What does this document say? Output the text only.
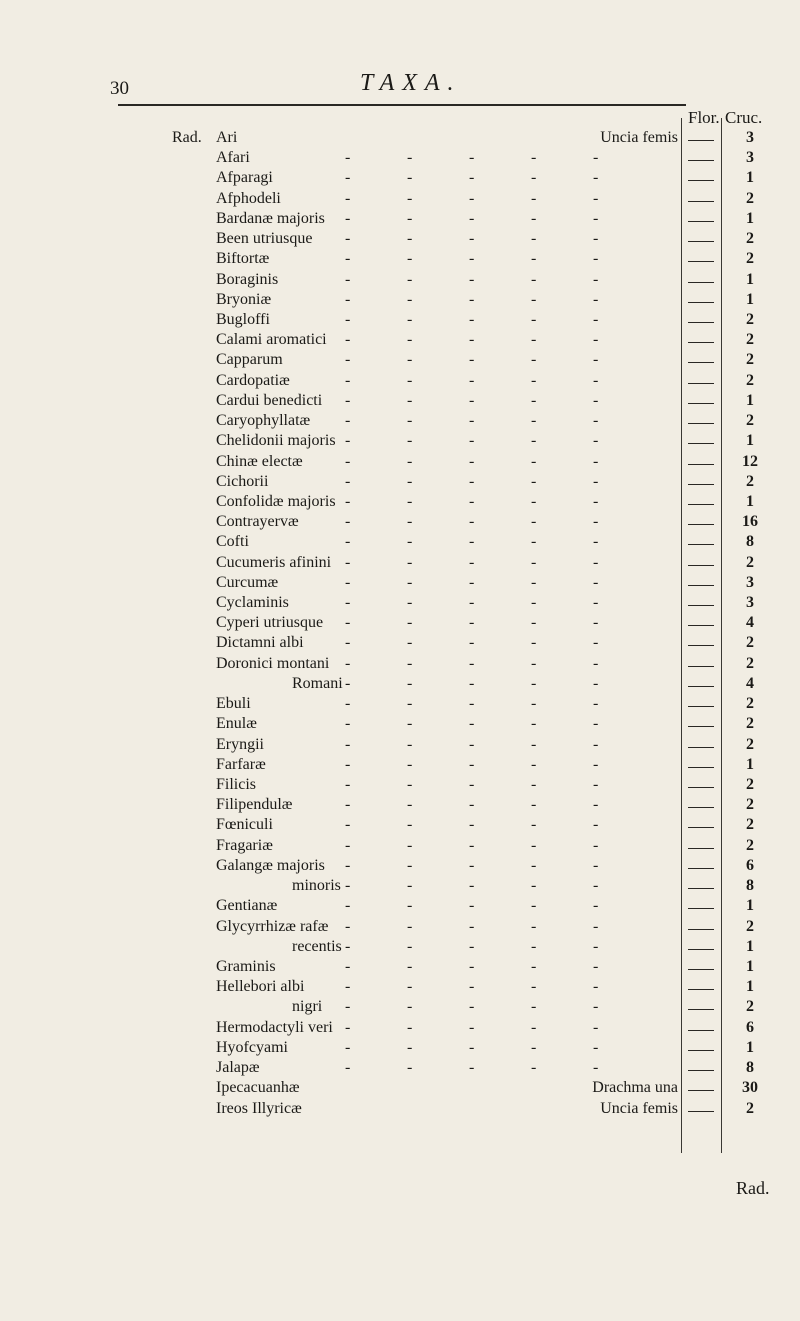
30	TAXA.
Flor. Cruc.
Rad. Ari	Uncia femis	3
Afari	-	-	-	-	-	3
Afparagi	-	-	-	-	-	1
Afphodeli	-	-	-	-	-	2
Bardanæ majoris -	-	-	-	-	1
Been utriusque -	-	-	-	-	2
Biftortæ	-	-	-	-	-	2
Boraginis	-	-	-	-	-	1
Bryoniæ	-	-	-	-	-	1
Bugloffi	-	-	-	-	-	2
Calami aromatici -	-	-	-	-	2
Capparum	-	-	-	-	-	2
Cardopatiæ	-	-	-	-	-	2
Cardui benedicti -	-	-	-	-	1
Caryophyllatæ -	-	-	-	-	2
Chelidonii majoris -	-	-	-	-	1
Chinæ electæ	-	-	-	-	-	12
Cichorii	-	-	-	-	-	2
Confolidæ majoris -	-	-	-	-	1
Contrayervæ	-	-	-	-	-	16
Cofti	-	-	-	-	-	8
Cucumeris afinini -	-	-	-	-	2
Curcumæ	-	-	-	-	-	3
Cyclaminis	-	-	-	-	-	3
Cyperi utriusque -	-	-	-	-	4
Dictamni albi	-	-	-	-	-	2
Doronici montani -	-	-	-	-	2
Romani -	-	-	-	-	4
Ebuli	-	-	-	-	-	2
Enulæ	-	-	-	-	-	2
Eryngii	-	-	-	-	-	2
Farfaræ	-	-	-	-	-	1
Filicis	-	-	-	-	-	2
Filipendulæ	-	-	-	-	-	2
Fœniculi	-	-	-	-	-	2
Fragariæ	-	-	-	-	-	2
Galangæ majoris -	-	-	-	-	6
minoris -	-	-	-	-	8
Gentianæ	-	-	-	-	-	1
Glycyrrhizæ rafæ -	-	-	-	-	2
recentis -	-	-	-	-	1
Graminis	-	-	-	-	-	1
Hellebori albi	-	-	-	-	-	1
nigri -	-	-	-	-	2
Hermodactyli veri -	-	-	-	-	6
Hyofcyami	-	-	-	-	-	1
Jalapæ	-	-	-	-	-	8
Ipecacuanhæ	Drachma una	30
Ireos Illyricæ	Uncia femis	2
Rad.
